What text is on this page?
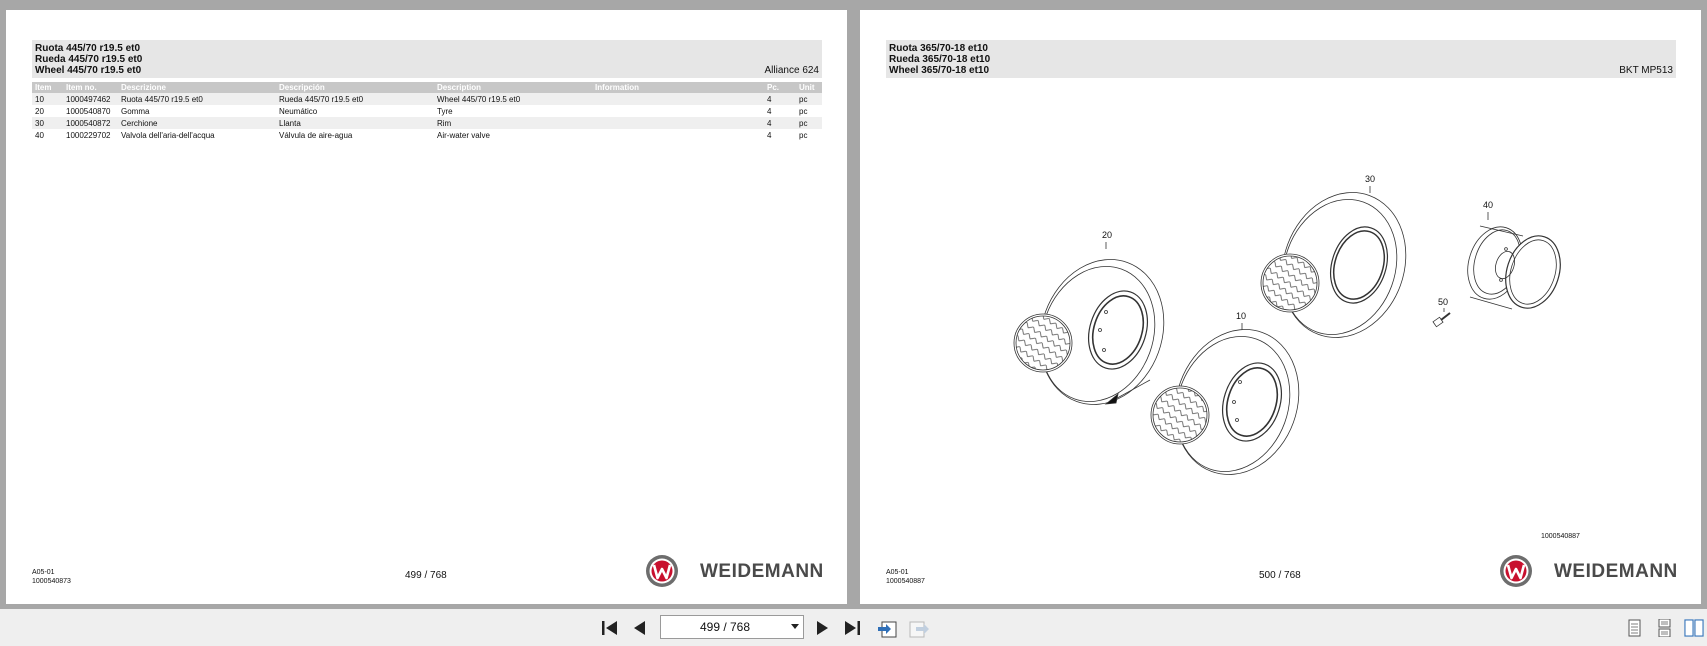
Ruota 445/70 r19.5 et0
Rueda 445/70 r19.5 et0
Wheel 445/70 r19.5 et0	Alliance 624
Item	Item no.	Descrizione	Descripción	Description	Information	Pc.	Unit
10	1000497462	Ruota 445/70 r19.5 et0	Rueda 445/70 r19.5 et0	Wheel 445/70 r19.5 et0		4	pc
20	1000540870	Gomma	Neumático	Tyre		4	pc
30	1000540872	Cerchione	Llanta	Rim		4	pc
40	1000229702	Valvola dell'aria-dell'acqua	Válvula de aire-agua	Air-water valve		4	pc
A05-01
1000540873
499 / 768	WEIDEMANN
Ruota 365/70-18 et10
Rueda 365/70-18 et10
Wheel 365/70-18 et10	BKT MP513
20
10
30
40
50
1000540887
A05-01
1000540887
500 / 768	WEIDEMANN
499 / 768
